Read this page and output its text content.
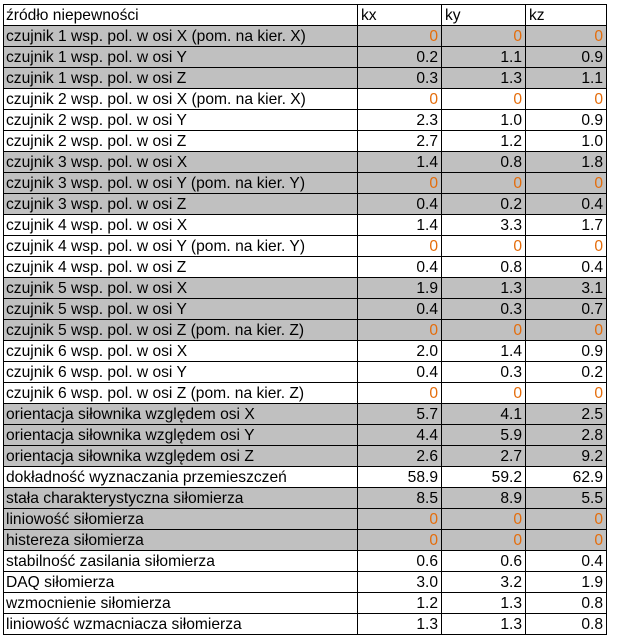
źródło niepewności	kx	ky	kz
czujnik 1 wsp. pol. w osi X (pom. na kier. X)	0	0	0
czujnik 1 wsp. pol. w osi Y	0.2	1.1	0.9
czujnik 1 wsp. pol. w osi Z	0.3	1.3	1.1
czujnik 2 wsp. pol. w osi X (pom. na kier. X)	0	0	0
czujnik 2 wsp. pol. w osi Y	2.3	1.0	0.9
czujnik 2 wsp. pol. w osi Z	2.7	1.2	1.0
czujnik 3 wsp. pol. w osi X	1.4	0.8	1.8
czujnik 3 wsp. pol. w osi Y (pom. na kier. Y)	0	0	0
czujnik 3 wsp. pol. w osi Z	0.4	0.2	0.4
czujnik 4 wsp. pol. w osi X	1.4	3.3	1.7
czujnik 4 wsp. pol. w osi Y (pom. na kier. Y)	0	0	0
czujnik 4 wsp. pol. w osi Z	0.4	0.8	0.4
czujnik 5 wsp. pol. w osi X	1.9	1.3	3.1
czujnik 5 wsp. pol. w osi Y	0.4	0.3	0.7
czujnik 5 wsp. pol. w osi Z (pom. na kier. Z)	0	0	0
czujnik 6 wsp. pol. w osi X	2.0	1.4	0.9
czujnik 6 wsp. pol. w osi Y	0.4	0.3	0.2
czujnik 6 wsp. pol. w osi Z (pom. na kier. Z)	0	0	0
orientacja siłownika względem osi X	5.7	4.1	2.5
orientacja siłownika względem osi Y	4.4	5.9	2.8
orientacja siłownika względem osi Z	2.6	2.7	9.2
dokładność wyznaczania przemieszczeń	58.9	59.2	62.9
stała charakterystyczna siłomierza	8.5	8.9	5.5
liniowość siłomierza	0	0	0
histereza siłomierza	0	0	0
stabilność zasilania siłomierza	0.6	0.6	0.4
DAQ siłomierza	3.0	3.2	1.9
wzmocnienie siłomierza	1.2	1.3	0.8
liniowość wzmacniacza siłomierza	1.3	1.3	0.8
